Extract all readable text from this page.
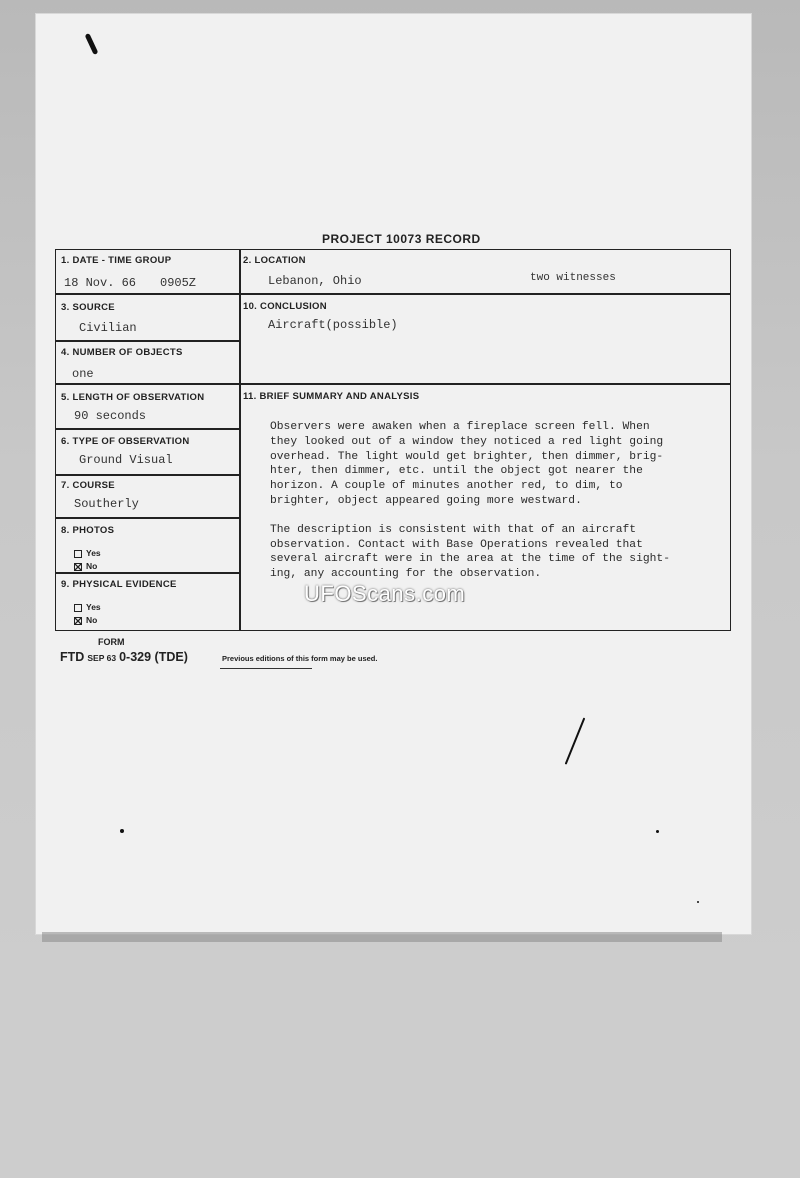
PROJECT 10073 RECORD
1. DATE - TIME GROUP
18 Nov. 66 0905Z
2. LOCATION
Lebanon, Ohio	two witnesses
3. SOURCE
Civilian
10. CONCLUSION
Aircraft(possible)
4. NUMBER OF OBJECTS
one
5. LENGTH OF OBSERVATION
90 seconds
11. BRIEF SUMMARY AND ANALYSIS
6. TYPE OF OBSERVATION
Ground Visual
7. COURSE
Southerly
8. PHOTOS
Yes
No
9. PHYSICAL EVIDENCE
Yes
No

Observers were awaken when a fireplace screen fell. When
they looked out of a window they noticed a red light going
overhead. The light would get brighter, then dimmer, brig-
hter, then dimmer, etc. until the object got nearer the
horizon. A couple of minutes another red, to dim, to
brighter, object appeared going more westward.

The description is consistent with that of an aircraft
observation. Contact with Base Operations revealed that
several aircraft were in the area at the time of the sight-
ing, any accounting for the observation.

FORM
FTD SEP 63 0-329 (TDE)	Previous editions of this form may be used.
UFOScans.com
